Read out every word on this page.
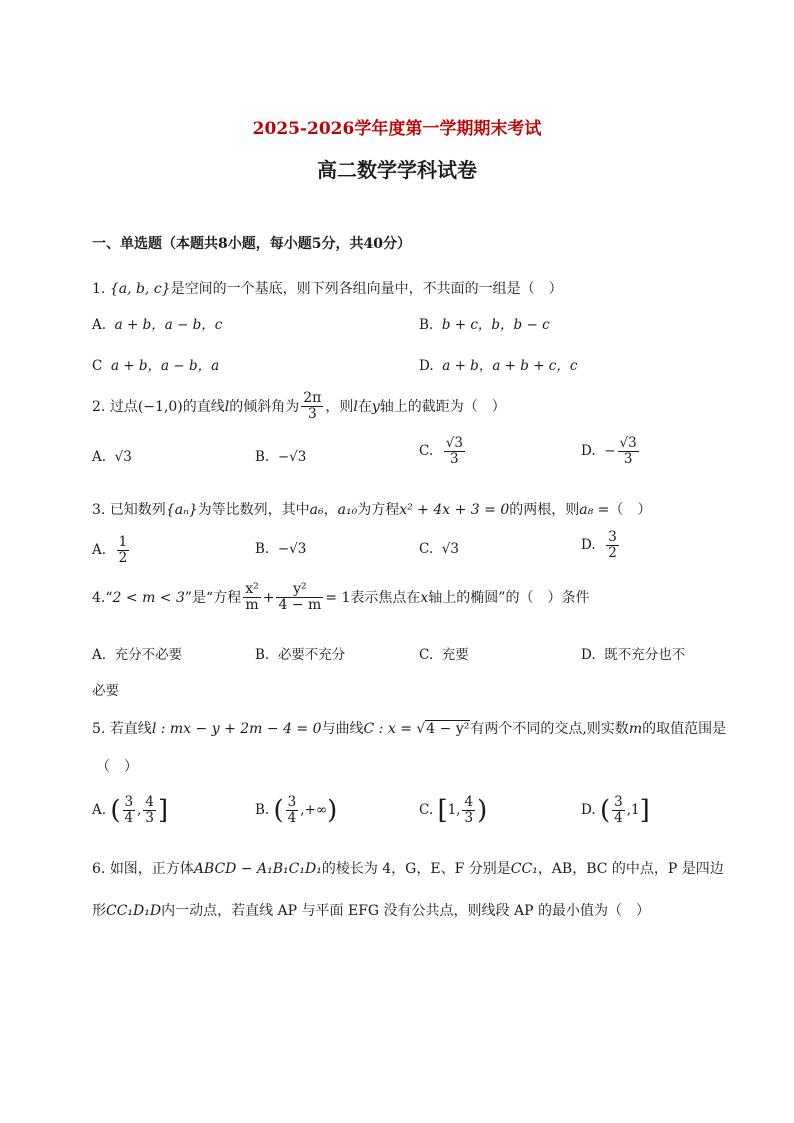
2025-2026学年度第一学期期末考试
高二数学学科试卷
一、单选题（本题共8小题，每小题5分，共40分）
1. {a, b, c}是空间的一个基底，则下列各组向量中，不共面的一组是（　）
A. a + b，a − b，c	B. b + c，b，b − c
C a + b，a − b，a	D. a + b，a + b + c，c
2. 过点(−1,0)的直线l的倾斜角为 $\frac{2\pi}{3}$ ，则l在y轴上的截距为（　）
A. √3	B. −√3	C. $\frac{√3}{3}$	D. − $\frac{√3}{3}$
3. 已知数列{aₙ}为等比数列，其中a₆，a₁₀为方程x² + 4x + 3 = 0的两根，则a₈ =（　）
A. $\frac{1}{2}$	B. −√3	C. √3	D. $\frac{3}{2}$
4.“2 < m < 3”是“方程 $\frac{\text{x²}}{m} + \frac{\text{y²}}{4 - m} = 1$表示焦点在x轴上的椭圆”的（　）条件
A. 充分不必要	B. 必要不充分	C. 充要	D. 既不充分也不
必要
5. 若直线l : mx − y + 2m − 4 = 0与曲线C : x = √4 − y²有两个不同的交点,则实数m的取值范围是
（　）
A. ( $\frac{3}{4}$ , $\frac{4}{3}$ ]	B. ( $\frac{3}{4}$ ,+∞)	C. [1, $\frac{4}{3}$ )	D. ( $\frac{3}{4} ,1$]
6. 如图，正方体ABCD − A₁B₁C₁D₁的棱长为 4，G，E、F 分别是CC₁，AB，BC 的中点，P 是四边
形CC₁D₁D内一动点，若直线 AP 与平面 EFG 没有公共点，则线段 AP 的最小值为（　）
